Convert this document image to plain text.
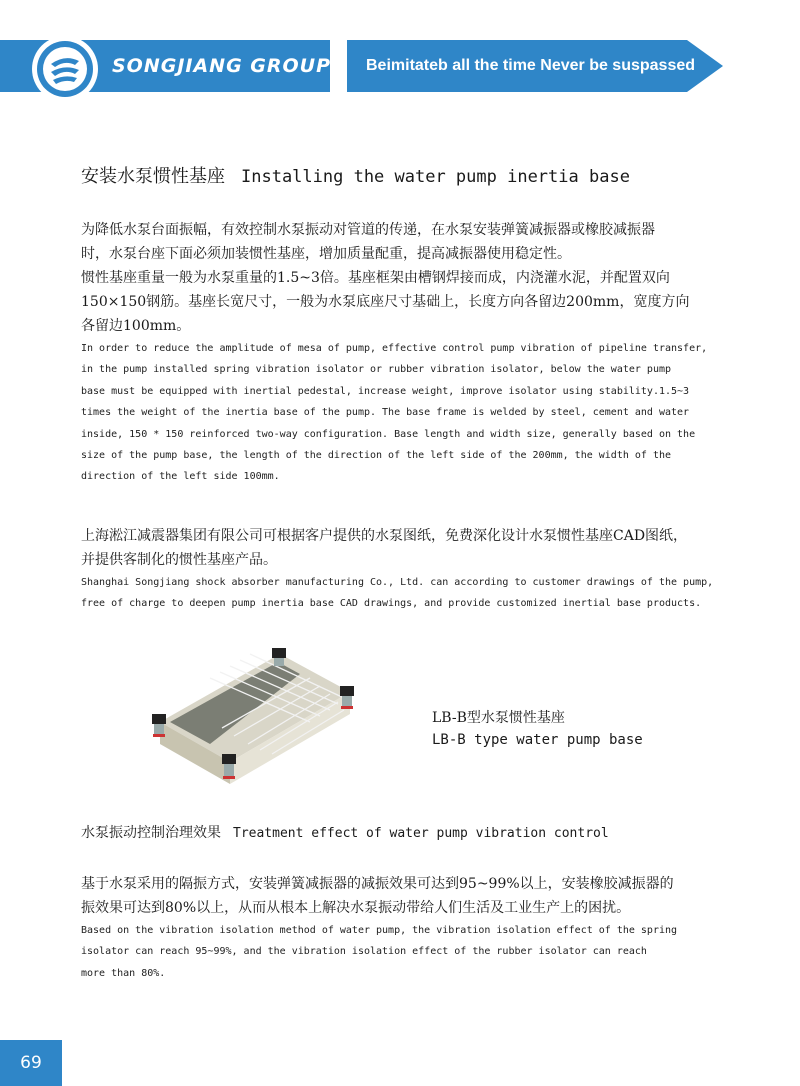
SONGJIANG GROUP Beimitateb all the time Never be suspassed
安装水泵惯性基座 Installing the water pump inertia base

为降低水泵台面振幅，有效控制水泵振动对管道的传递，在水泵安装弹簧减振器或橡胶减振器

时，水泵台座下面必须加装惯性基座，增加质量配重，提高减振器使用稳定性。

惯性基座重量一般为水泵重量的1.5~3倍。基座框架由槽钢焊接而成，内浇灌水泥，并配置双向

150×150钢筋。基座长宽尺寸，一般为水泵底座尺寸基础上，长度方向各留边200mm，宽度方向

各留边100mm。

In order to reduce the amplitude of mesa of pump, effective control pump vibration of pipeline transfer,

in the pump installed spring vibration isolator or rubber vibration isolator, below the water pump

base must be equipped with inertial pedestal, increase weight, improve isolator using stability.1.5~3

times the weight of the inertia base of the pump. The base frame is welded by steel, cement and water

inside, 150 * 150 reinforced two-way configuration. Base length and width size, generally based on the

size of the pump base, the length of the direction of the left side of the 200mm, the width of the

direction of the left side 100mm.

上海淞江减震器集团有限公司可根据客户提供的水泵图纸，免费深化设计水泵惯性基座CAD图纸，

并提供客制化的惯性基座产品。

Shanghai Songjiang shock absorber manufacturing Co., Ltd. can according to customer drawings of the pump,

free of charge to deepen pump inertia base CAD drawings, and provide customized inertial base products.

LB-B型水泵惯性基座
LB-B type water pump base
水泵振动控制治理效果 Treatment effect of water pump vibration control

基于水泵采用的隔振方式，安装弹簧减振器的减振效果可达到95~99%以上，安装橡胶减振器的

振效果可达到80%以上，从而从根本上解决水泵振动带给人们生活及工业生产上的困扰。

Based on the vibration isolation method of water pump, the vibration isolation effect of the spring

isolator can reach 95~99%, and the vibration isolation effect of the rubber isolator can reach

more than 80%.

69
